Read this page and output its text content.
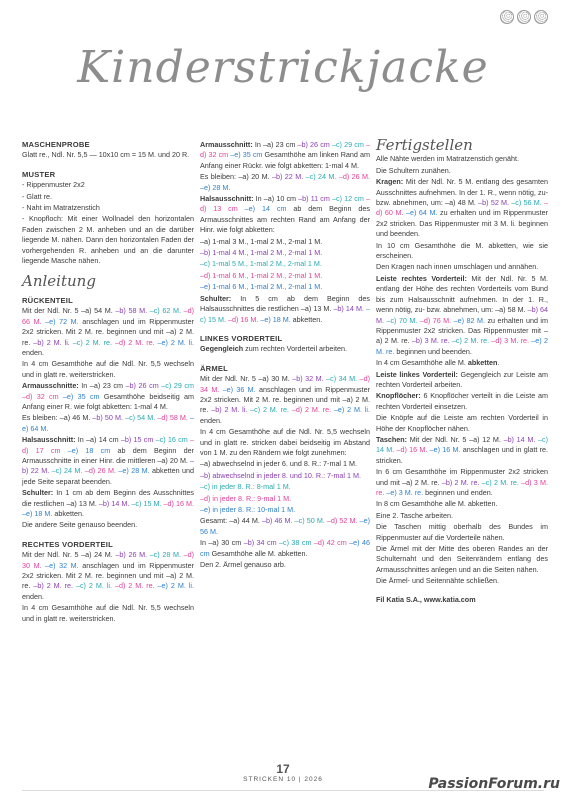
Kinderstrickjacke
MASCHENPROBE

Glatt re., Ndl. Nr. 5,5 — 10x10 cm = 15 M. und 20 R.

MUSTER

- Rippenmuster 2x2

- Glatt re.

- Naht im Matratzenstich

- Knopfloch: Mit einer Wollnadel den horizontalen Faden zwischen 2 M. anheben und an die darüber liegende M. nähen. Dann den horizontalen Faden der vorhergehenden R. anheben und an die darunter liegende Masche nähen.

Anleitung
RÜCKENTEIL

Mit der Ndl. Nr. 5 –a) 54 M. –b) 58 M. –c) 62 M. –d) 66 M. –e) 72 M. anschlagen und im Rippenmuster 2x2 stricken. Mit 2 M. re. beginnen und mit –a) 2 M. re. –b) 2 M. li. –c) 2 M. re. –d) 2 M. re. –e) 2 M. li. enden.

In 4 cm Gesamthöhe auf die Ndl. Nr. 5,5 wechseln und in glatt re. weiterstricken.

Armausschnitte: In –a) 23 cm –b) 26 cm –c) 29 cm –d) 32 cm –e) 35 cm Gesamthöhe beidseitig am Anfang einer R. wie folgt abketten: 1-mal 4 M.

Es bleiben: –a) 46 M. –b) 50 M. –c) 54 M. –d) 58 M. –e) 64 M.

Halsausschnitt: In –a) 14 cm –b) 15 cm –c) 16 cm –d) 17 cm –e) 18 cm ab dem Beginn der Armausschnitte in einer Hinr. die mittleren –a) 20 M. –b) 22 M. –c) 24 M. –d) 26 M. –e) 28 M. abketten und jede Seite separat beenden.

Schulter: In 1 cm ab dem Beginn des Ausschnittes die restlichen –a) 13 M. –b) 14 M. –c) 15 M. –d) 16 M. –e) 18 M. abketten.

Die andere Seite genauso beenden.

RECHTES VORDERTEIL

Mit der Ndl. Nr. 5 –a) 24 M. –b) 26 M. –c) 28 M. –d) 30 M. –e) 32 M. anschlagen und im Rippenmuster 2x2 stricken. Mit 2 M. re. beginnen und mit –a) 2 M. re. –b) 2 M. re. –c) 2 M. li. –d) 2 M. re. –e) 2 M. li. enden.

In 4 cm Gesamthöhe auf die Ndl. Nr. 5,5 wechseln und in glatt re. weiterstricken.

Armausschnitt: In –a) 23 cm –b) 26 cm –c) 29 cm –d) 32 cm –e) 35 cm Gesamthöhe am linken Rand am Anfang einer Rückr. wie folgt abketten: 1-mal 4 M.

Es bleiben: –a) 20 M. –b) 22 M. –c) 24 M. –d) 26 M. –e) 28 M.

Halsausschnitt: In –a) 10 cm –b) 11 cm –c) 12 cm –d) 13 cm –e) 14 cm ab dem Beginn des Armausschnittes am rechten Rand am Anfang der Hinr. wie folgt abketten:

–a) 1-mal 3 M., 1-mal 2 M., 2-mal 1 M.

–b) 1-mal 4 M., 1-mal 2 M., 2-mal 1 M.

–c) 1-mal 5 M., 1-mal 2 M., 2-mal 1 M.

–d) 1-mal 6 M., 1-mal 2 M., 2-mal 1 M.

–e) 1-mal 6 M., 1-mal 2 M., 2-mal 1 M.

Schulter: In 5 cm ab dem Beginn des Halsausschnittes die restlichen –a) 13 M. –b) 14 M. –c) 15 M. –d) 16 M. –e) 18 M. abketten.

LINKES VORDERTEIL

Gegengleich zum rechten Vorderteil arbeiten.

ÄRMEL

Mit der Ndl. Nr. 5 –a) 30 M. –b) 32 M. –c) 34 M. –d) 34 M. –e) 36 M. anschlagen und im Rippenmuster 2x2 stricken. Mit 2 M. re. beginnen und mit –a) 2 M. re. –b) 2 M. li. –c) 2 M. re. –d) 2 M. re. –e) 2 M. li. enden.

In 4 cm Gesamthöhe auf die Ndl. Nr. 5,5 wechseln und in glatt re. stricken dabei beidseitig im Abstand von 1 M. zu den Rändern wie folgt zunehmen:

–a) abwechselnd in jeder 6. und 8. R.: 7-mal 1 M.

–b) abwechselnd in jeder 8. und 10. R.: 7-mal 1 M.

–c) in jeder 8. R.: 8-mal 1 M.

–d) in jeder 8. R.: 9-mal 1 M.

–e) in jeder 8. R.: 10-mal 1 M.

Gesamt: –a) 44 M. –b) 46 M. –c) 50 M. –d) 52 M. –e) 56 M.

In –a) 30 cm –b) 34 cm –c) 38 cm –d) 42 cm –e) 46 cm Gesamthöhe alle M. abketten.

Den 2. Ärmel genauso arb.

Fertigstellen

Alle Nähte werden im Matratzenstich genäht.

Die Schultern zunähen.

Kragen: Mit der Ndl. Nr. 5 M. entlang des gesamten Ausschnittes aufnehmen. In der 1. R., wenn nötig, zu- bzw. abnehmen, um: –a) 48 M. –b) 52 M. –c) 56 M. –d) 60 M. –e) 64 M. zu erhalten und im Rippenmuster 2x2 stricken. Das Rippenmuster mit 3 M. li. beginnen und beenden.

In 10 cm Gesamthöhe die M. abketten, wie sie erscheinen.

Den Kragen nach innen umschlagen und annähen.

Leiste rechtes Vorderteil: Mit der Ndl. Nr. 5 M. entlang der Höhe des rechten Vorderteils vom Bund bis zum Halsausschnitt aufnehmen. In der 1. R., wenn nötig, zu- bzw. abnehmen, um: –a) 58 M. –b) 64 M. –c) 70 M. –d) 76 M. –e) 82 M. zu erhalten und im Rippenmuster 2x2 stricken. Das Rippenmuster mit –a) 2 M. re. –b) 3 M. re. –c) 2 M. re. –d) 3 M. re. –e) 2 M. re. beginnen und beenden.

In 4 cm Gesamthöhe alle M. abketten.

Leiste linkes Vorderteil: Gegengleich zur Leiste am rechten Vorderteil arbeiten.

Knopflöcher: 6 Knopflöcher verteilt in die Leiste am rechten Vorderteil einsetzen.

Die Knöpfe auf die Leiste am rechten Vorderteil in Höhe der Knopflöcher nähen.

Taschen: Mit der Ndl. Nr. 5 –a) 12 M. –b) 14 M. –c) 14 M. –d) 16 M. –e) 16 M. anschlagen und in glatt re. stricken.

In 6 cm Gesamthöhe im Rippenmuster 2x2 stricken und mit –a) 2 M. re. –b) 2 M. re. –c) 2 M. re. –d) 3 M. re. –e) 3 M. re. beginnen und enden.

In 8 cm Gesamthöhe alle M. abketten.

Eine 2. Tasche arbeiten.

Die Taschen mittig oberhalb des Bundes im Rippenmuster auf die Vorderteile nähen.

Die Ärmel mit der Mitte des oberen Randes an der Schulternaht und den Seitenrändern entlang des Armausschnittes anlegen und an die Seiten nähen.

Die Ärmel- und Seitennähte schließen.

Fil Katia S.A., www.katia.com

17
STRICKEN 10 | 2026	PassionForum.ru
